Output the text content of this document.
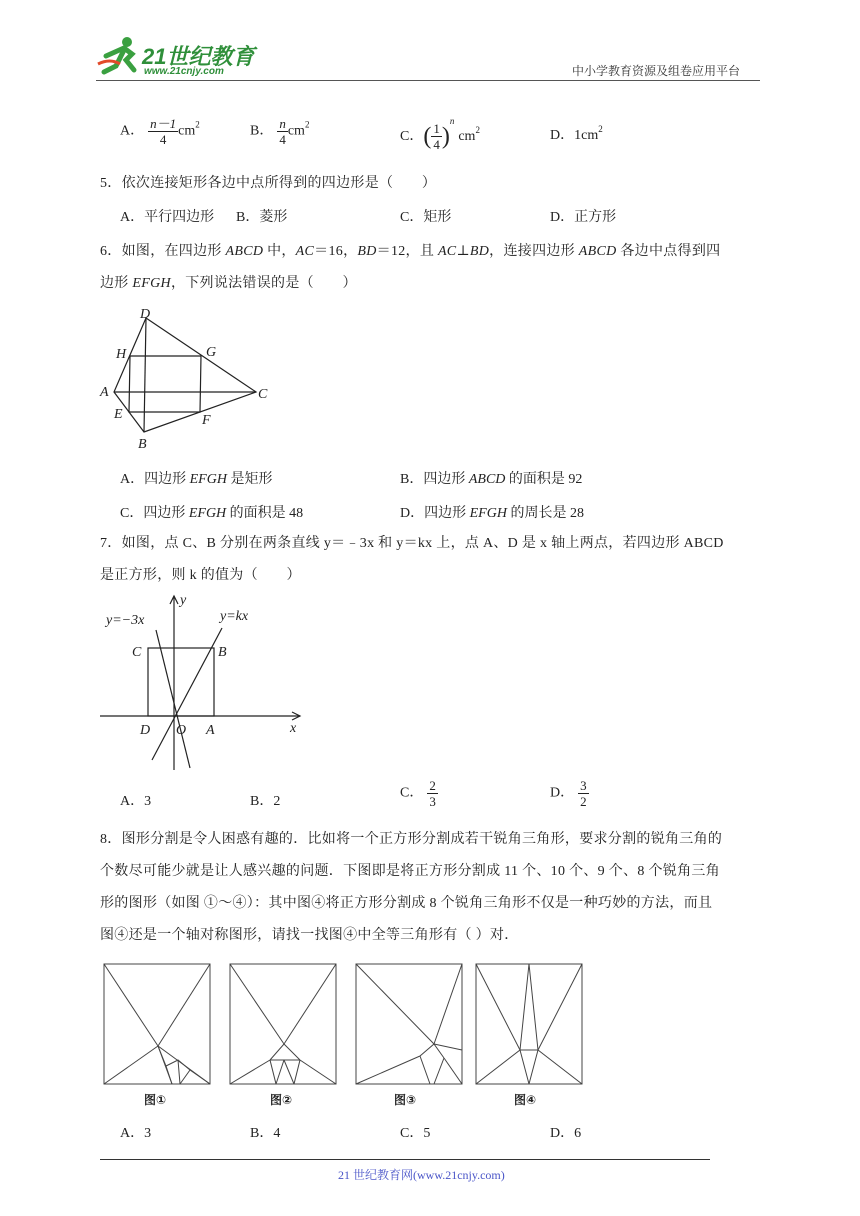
21世纪教育
www.21cnjy.com	中小学教育资源及组卷应用平台
A． $\frac{n-1}{4} cm^2$	B． $\frac{n}{4} cm^2$
C．( $\frac{1}{4} )^ncm^2$	D．$1cm^2$
5．依次连接矩形各边中点所得到的四边形是（　　）
A．平行四边形 B．菱形	C．矩形	D．正方形
6．如图，在四边形 ABCD 中，AC＝16，BD＝12，且 AC⊥BD，连接四边形 ABCD 各边中点得到四
边形 EFGH，下列说法错误的是（　　）
D
H	G
A	C
E	F
B
A．四边形 EFGH 是矩形	B．四边形 ABCD 的面积是 92
C．四边形 EFGH 的面积是 48	D．四边形 EFGH 的周长是 28
7．如图，点 C、B 分别在两条直线 y＝﹣3x 和 y＝kx 上，点 A、D 是 x 轴上两点，若四边形 ABCD
是正方形，则 k 的值为（　　）
y
x
y=−3x	y=kx
C	B
D O A
A．3	B．2
C． $\frac{2}{3}$	D． $\frac{3}{2}$
8．图形分割是令人困惑有趣的．比如将一个正方形分割成若干锐角三角形，要求分割的锐角三角的
个数尽可能少就是让人感兴趣的问题．下图即是将正方形分割成 11 个、10 个、9 个、8 个锐角三角
形的图形（如图 ①～④）：其中图④将正方形分割成 8 个锐角三角形不仅是一种巧妙的方法，而且
图④还是一个轴对称图形，请找一找图④中全等三角形有（ ）对．
图①	图②	图③	图④
A．3	B．4	C．5	D．6
21 世纪教育网(www.21cnjy.com)
